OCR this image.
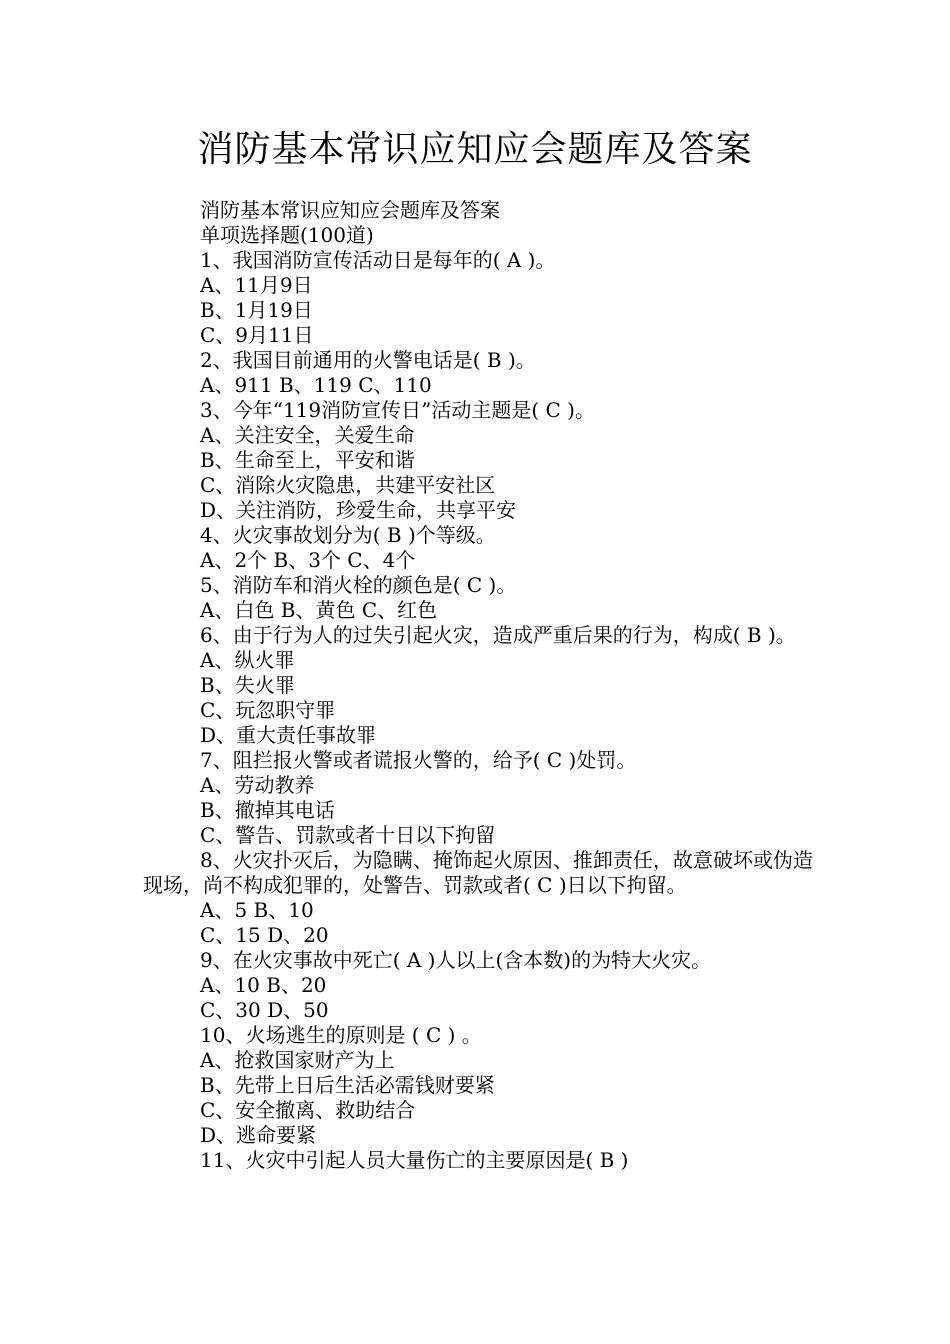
消防基本常识应知应会题库及答案
消防基本常识应知应会题库及答案
单项选择题(100道)
1、我国消防宣传活动日是每年的( A )。
A、11月9日
B、1月19日
C、9月11日
2、我国目前通用的火警电话是( B )。
A、911 B、119 C、110
3、今年“119消防宣传日”活动主题是( C )。
A、关注安全，关爱生命
B、生命至上，平安和谐
C、消除火灾隐患，共建平安社区
D、关注消防，珍爱生命，共享平安
4、火灾事故划分为( B )个等级。
A、2个 B、3个 C、4个
5、消防车和消火栓的颜色是( C )。
A、白色 B、黄色 C、红色
6、由于行为人的过失引起火灾，造成严重后果的行为，构成( B )。
A、纵火罪
B、失火罪
C、玩忽职守罪
D、重大责任事故罪
7、阻拦报火警或者谎报火警的，给予( C )处罚。
A、劳动教养
B、撤掉其电话
C、警告、罚款或者十日以下拘留
8、火灾扑灭后，为隐瞒、掩饰起火原因、推卸责任，故意破坏或伪造现场，尚不构成犯罪的，处警告、罚款或者( C )日以下拘留。
A、5 B、10
C、15 D、20
9、在火灾事故中死亡( A )人以上(含本数)的为特大火灾。
A、10 B、20
C、30 D、50
10、火场逃生的原则是 ( C ) 。
A、抢救国家财产为上
B、先带上日后生活必需钱财要紧
C、安全撤离、救助结合
D、逃命要紧
11、火灾中引起人员大量伤亡的主要原因是( B )
